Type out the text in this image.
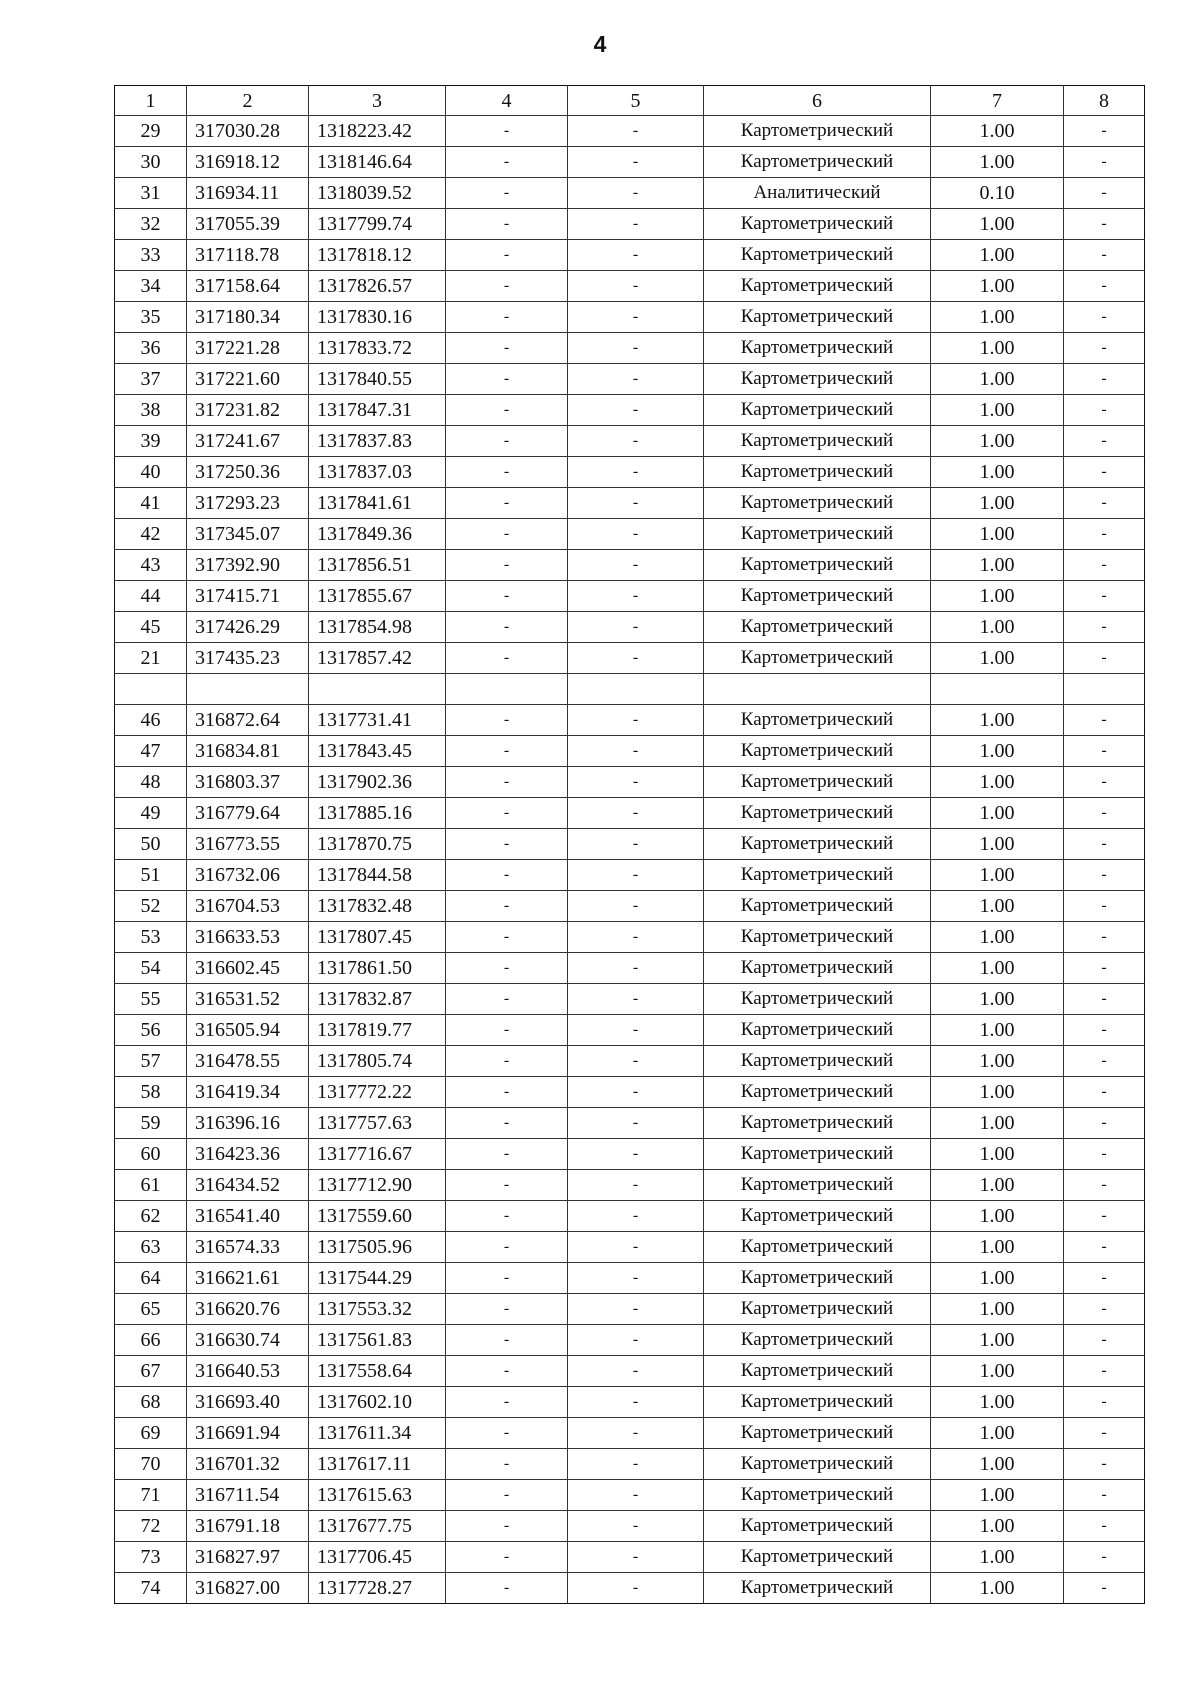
4
1	2	3	4	5	6	7	8
29	317030.28	1318223.42	-	-	Картометрический	1.00	-
30	316918.12	1318146.64	-	-	Картометрический	1.00	-
31	316934.11	1318039.52	-	-	Аналитический	0.10	-
32	317055.39	1317799.74	-	-	Картометрический	1.00	-
33	317118.78	1317818.12	-	-	Картометрический	1.00	-
34	317158.64	1317826.57	-	-	Картометрический	1.00	-
35	317180.34	1317830.16	-	-	Картометрический	1.00	-
36	317221.28	1317833.72	-	-	Картометрический	1.00	-
37	317221.60	1317840.55	-	-	Картометрический	1.00	-
38	317231.82	1317847.31	-	-	Картометрический	1.00	-
39	317241.67	1317837.83	-	-	Картометрический	1.00	-
40	317250.36	1317837.03	-	-	Картометрический	1.00	-
41	317293.23	1317841.61	-	-	Картометрический	1.00	-
42	317345.07	1317849.36	-	-	Картометрический	1.00	-
43	317392.90	1317856.51	-	-	Картометрический	1.00	-
44	317415.71	1317855.67	-	-	Картометрический	1.00	-
45	317426.29	1317854.98	-	-	Картометрический	1.00	-
21	317435.23	1317857.42	-	-	Картометрический	1.00	-

46	316872.64	1317731.41	-	-	Картометрический	1.00	-
47	316834.81	1317843.45	-	-	Картометрический	1.00	-
48	316803.37	1317902.36	-	-	Картометрический	1.00	-
49	316779.64	1317885.16	-	-	Картометрический	1.00	-
50	316773.55	1317870.75	-	-	Картометрический	1.00	-
51	316732.06	1317844.58	-	-	Картометрический	1.00	-
52	316704.53	1317832.48	-	-	Картометрический	1.00	-
53	316633.53	1317807.45	-	-	Картометрический	1.00	-
54	316602.45	1317861.50	-	-	Картометрический	1.00	-
55	316531.52	1317832.87	-	-	Картометрический	1.00	-
56	316505.94	1317819.77	-	-	Картометрический	1.00	-
57	316478.55	1317805.74	-	-	Картометрический	1.00	-
58	316419.34	1317772.22	-	-	Картометрический	1.00	-
59	316396.16	1317757.63	-	-	Картометрический	1.00	-
60	316423.36	1317716.67	-	-	Картометрический	1.00	-
61	316434.52	1317712.90	-	-	Картометрический	1.00	-
62	316541.40	1317559.60	-	-	Картометрический	1.00	-
63	316574.33	1317505.96	-	-	Картометрический	1.00	-
64	316621.61	1317544.29	-	-	Картометрический	1.00	-
65	316620.76	1317553.32	-	-	Картометрический	1.00	-
66	316630.74	1317561.83	-	-	Картометрический	1.00	-
67	316640.53	1317558.64	-	-	Картометрический	1.00	-
68	316693.40	1317602.10	-	-	Картометрический	1.00	-
69	316691.94	1317611.34	-	-	Картометрический	1.00	-
70	316701.32	1317617.11	-	-	Картометрический	1.00	-
71	316711.54	1317615.63	-	-	Картометрический	1.00	-
72	316791.18	1317677.75	-	-	Картометрический	1.00	-
73	316827.97	1317706.45	-	-	Картометрический	1.00	-
74	316827.00	1317728.27	-	-	Картометрический	1.00	-
